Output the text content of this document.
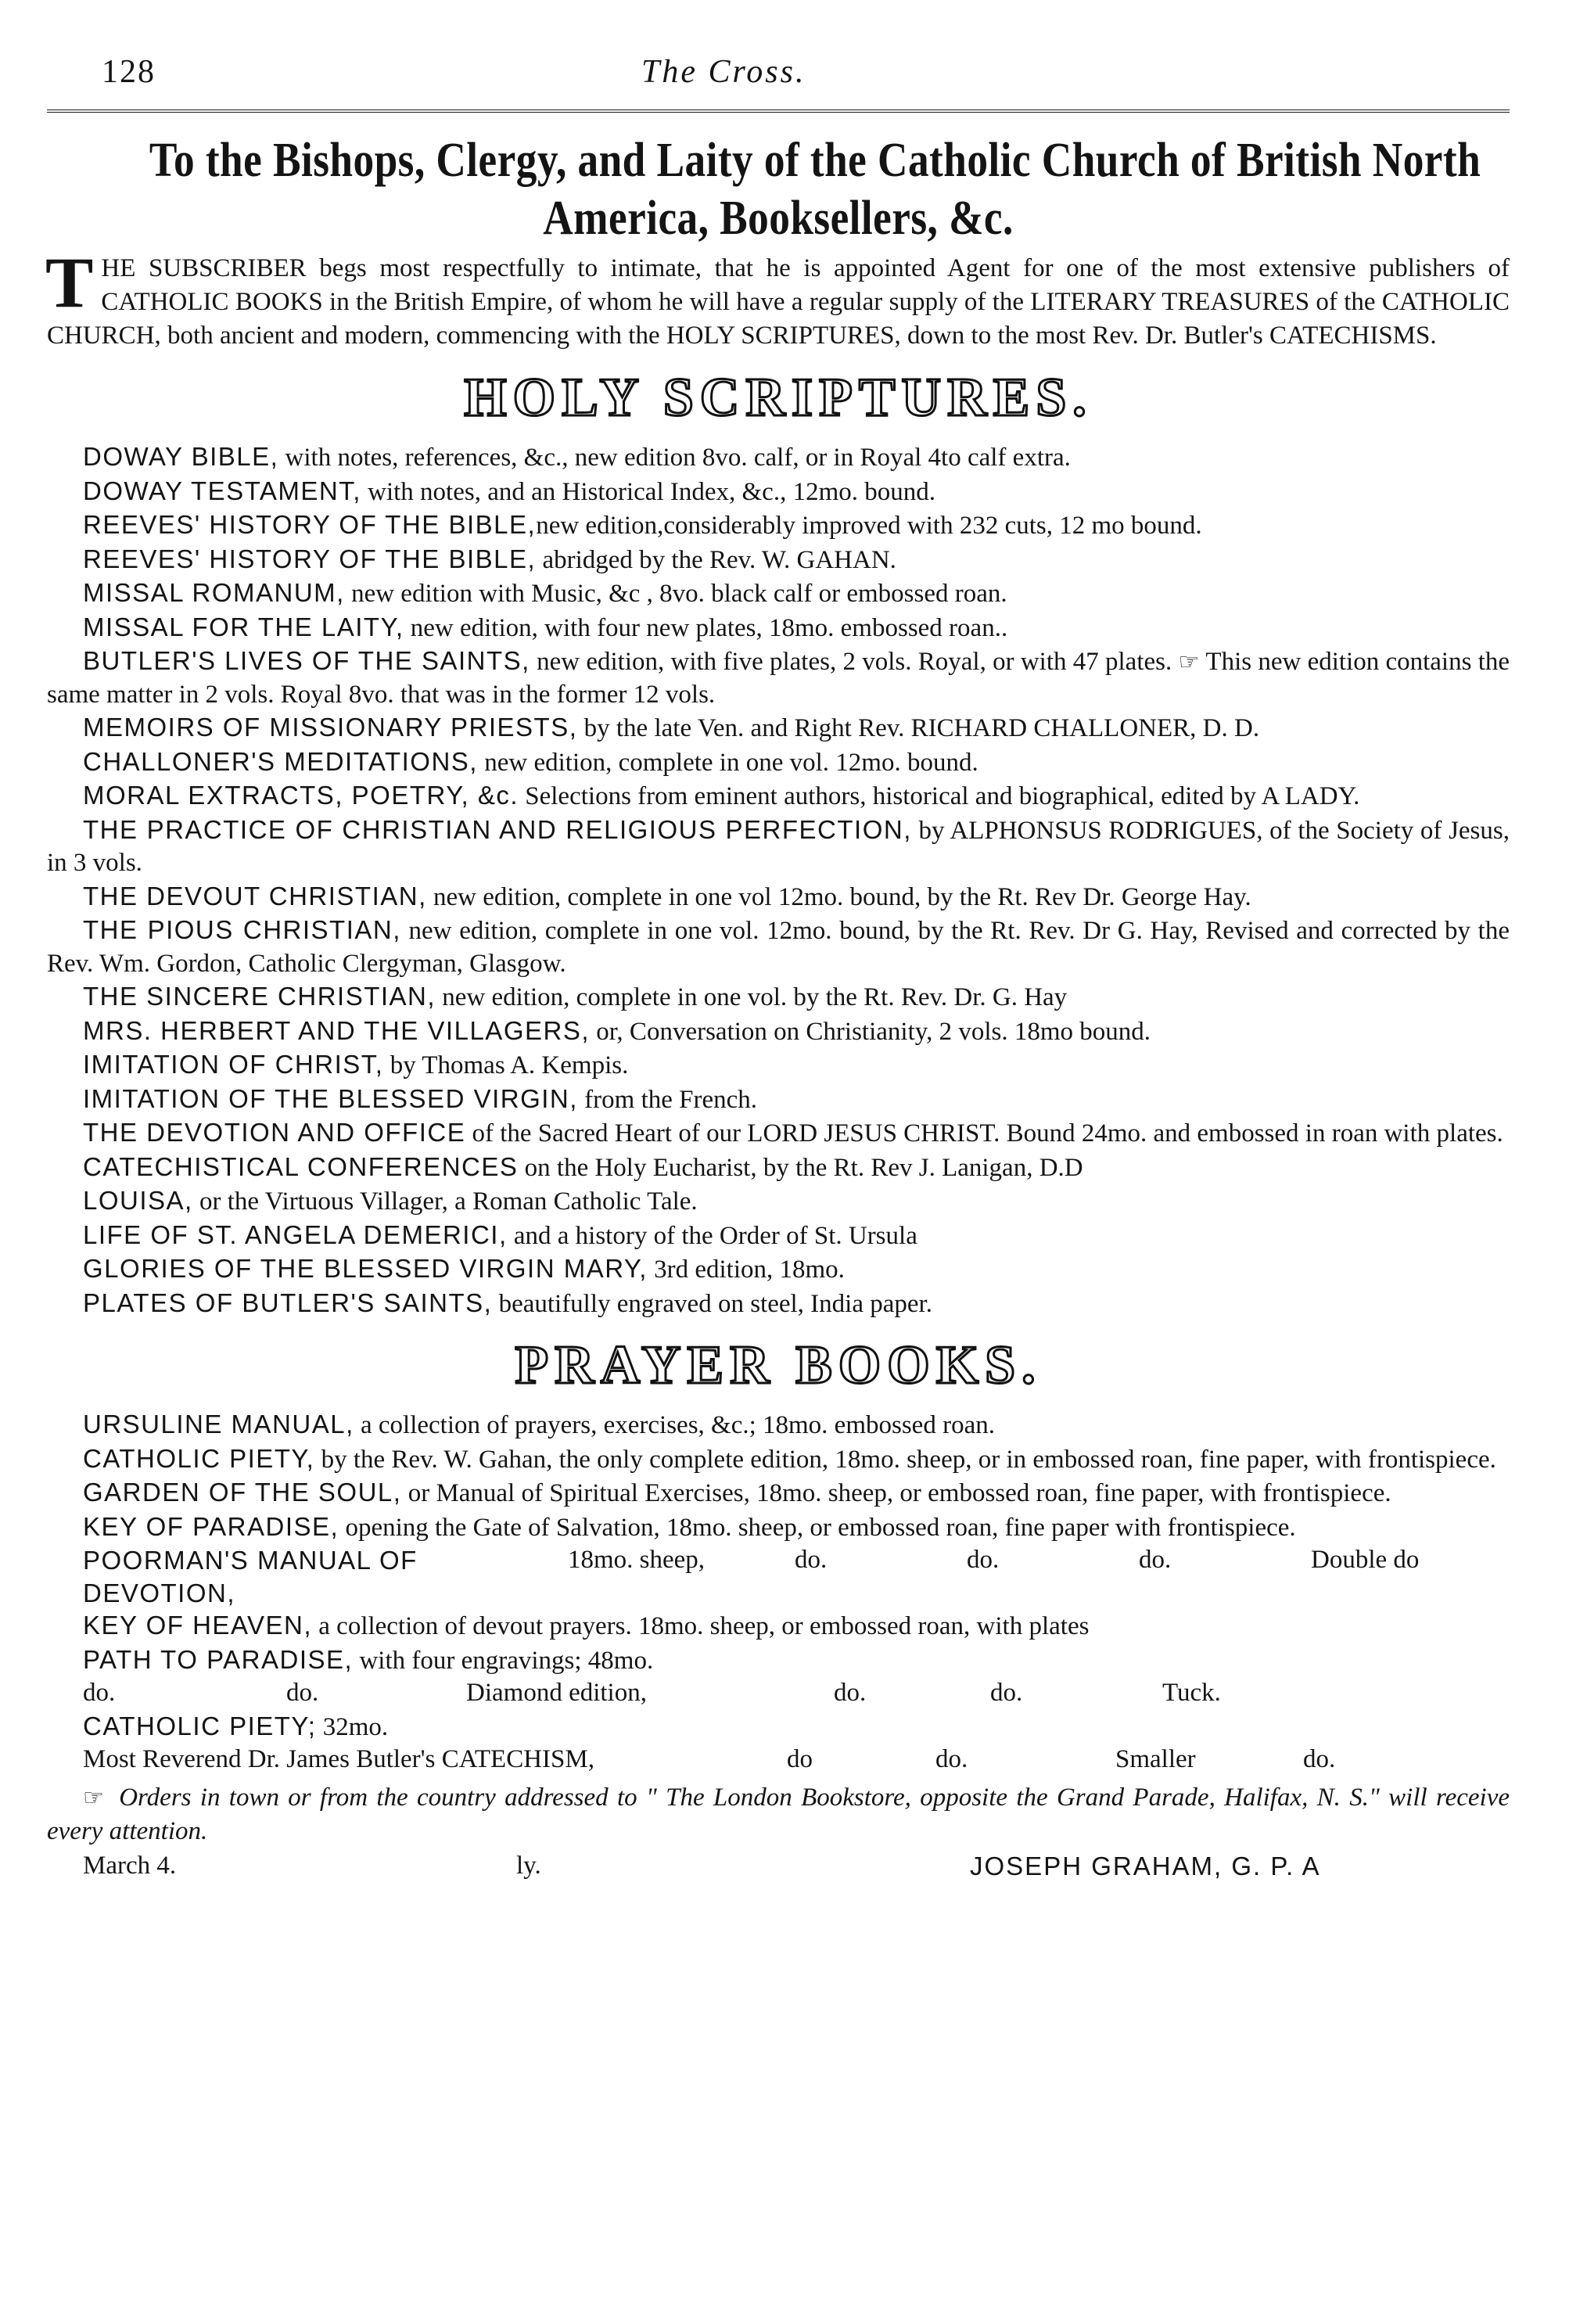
128	The Cross.
To the Bishops, Clergy, and Laity of the Catholic Church of British North
America, Booksellers, &c.
T HE SUBSCRIBER begs most respectfully to intimate, that he is appointed Agent for one of the most extensive publishers of CATHOLIC BOOKS in the British Empire, of whom he will have a regular supply of the LITERARY TREASURES of the CATHOLIC CHURCH, both ancient and modern, commencing with the HOLY SCRIPTURES, down to the most Rev. Dr. Butler's CATECHISMS.
HOLY SCRIPTURES.

DOWAY BIBLE, with notes, references, &c., new edition 8vo. calf, or in Royal 4to calf extra.

DOWAY TESTAMENT, with notes, and an Historical Index, &c., 12mo. bound.

REEVES' HISTORY OF THE BIBLE,new edition,considerably improved with 232 cuts, 12 mo bound.

REEVES' HISTORY OF THE BIBLE, abridged by the Rev. W. GAHAN.

MISSAL ROMANUM, new edition with Music, &c , 8vo. black calf or embossed roan.

MISSAL FOR THE LAITY, new edition, with four new plates, 18mo. embossed roan..

BUTLER'S LIVES OF THE SAINTS, new edition, with five plates, 2 vols. Royal, or with 47 plates. ☞ This new edition contains the same matter in 2 vols. Royal 8vo. that was in the former 12 vols.

MEMOIRS OF MISSIONARY PRIESTS, by the late Ven. and Right Rev. RICHARD CHALLONER, D. D.

CHALLONER'S MEDITATIONS, new edition, complete in one vol. 12mo. bound.

MORAL EXTRACTS, POETRY, &c. Selections from eminent authors, historical and biographical, edited by A LADY.

THE PRACTICE OF CHRISTIAN AND RELIGIOUS PERFECTION, by ALPHONSUS RODRIGUES, of the Society of Jesus, in 3 vols.

THE DEVOUT CHRISTIAN, new edition, complete in one vol 12mo. bound, by the Rt. Rev Dr. George Hay.

THE PIOUS CHRISTIAN, new edition, complete in one vol. 12mo. bound, by the Rt. Rev. Dr G. Hay, Revised and corrected by the Rev. Wm. Gordon, Catholic Clergyman, Glasgow.

THE SINCERE CHRISTIAN, new edition, complete in one vol. by the Rt. Rev. Dr. G. Hay

MRS. HERBERT AND THE VILLAGERS, or, Conversation on Christianity, 2 vols. 18mo bound.

IMITATION OF CHRIST, by Thomas A. Kempis.

IMITATION OF THE BLESSED VIRGIN, from the French.

THE DEVOTION AND OFFICE of the Sacred Heart of our LORD JESUS CHRIST. Bound 24mo. and embossed in roan with plates.

CATECHISTICAL CONFERENCES on the Holy Eucharist, by the Rt. Rev J. Lanigan, D.D

LOUISA, or the Virtuous Villager, a Roman Catholic Tale.

LIFE OF ST. ANGELA DEMERICI, and a history of the Order of St. Ursula

GLORIES OF THE BLESSED VIRGIN MARY, 3rd edition, 18mo.

PLATES OF BUTLER'S SAINTS, beautifully engraved on steel, India paper.

PRAYER BOOKS.

URSULINE MANUAL, a collection of prayers, exercises, &c.; 18mo. embossed roan.

CATHOLIC PIETY, by the Rev. W. Gahan, the only complete edition, 18mo. sheep, or in embossed roan, fine paper, with frontispiece.

GARDEN OF THE SOUL, or Manual of Spiritual Exercises, 18mo. sheep, or embossed roan, fine paper, with frontispiece.

KEY OF PARADISE, opening the Gate of Salvation, 18mo. sheep, or embossed roan, fine paper with frontispiece.

POORMAN'S MANUAL OF DEVOTION,
18mo. sheep,	do.	do.	do.	Double do

KEY OF HEAVEN, a collection of devout prayers. 18mo. sheep, or embossed roan, with plates

PATH TO PARADISE, with four engravings; 48mo.

do.	do.	Diamond edition,	do.	do.	Tuck.

CATHOLIC PIETY; 32mo.

Most Reverend Dr. James Butler's CATECHISM,	do	do.	Smaller	do.
☞ Orders in town or from the country addressed to " The London Bookstore, opposite the Grand Parade, Halifax, N. S." will receive every attention.
March 4.	ly.	JOSEPH GRAHAM, G. P. A
